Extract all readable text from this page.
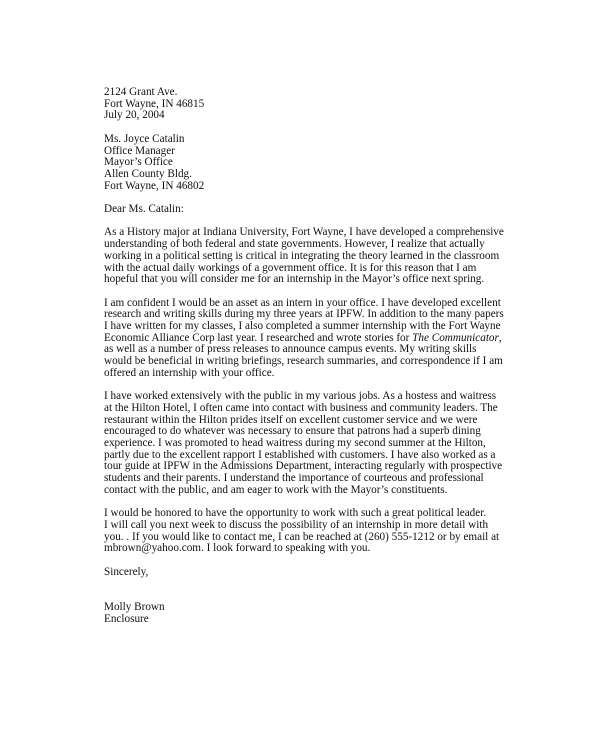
2124 Grant Ave.
Fort Wayne, IN 46815
July 20, 2004
Ms. Joyce Catalin
Office Manager
Mayor’s Office
Allen County Bldg.
Fort Wayne, IN 46802
Dear Ms. Catalin:
As a History major at Indiana University, Fort Wayne, I have developed a comprehensive
understanding of both federal and state governments. However, I realize that actually
working in a political setting is critical in integrating the theory learned in the classroom
with the actual daily workings of a government office. It is for this reason that I am
hopeful that you will consider me for an internship in the Mayor’s office next spring.
I am confident I would be an asset as an intern in your office. I have developed excellent
research and writing skills during my three years at IPFW. In addition to the many papers
I have written for my classes, I also completed a summer internship with the Fort Wayne
Economic Alliance Corp last year. I researched and wrote stories for The Communicator,
as well as a number of press releases to announce campus events. My writing skills
would be beneficial in writing briefings, research summaries, and correspondence if I am
offered an internship with your office.
I have worked extensively with the public in my various jobs. As a hostess and waitress
at the Hilton Hotel, I often came into contact with business and community leaders. The
restaurant within the Hilton prides itself on excellent customer service and we were
encouraged to do whatever was necessary to ensure that patrons had a superb dining
experience. I was promoted to head waitress during my second summer at the Hilton,
partly due to the excellent rapport I established with customers. I have also worked as a
tour guide at IPFW in the Admissions Department, interacting regularly with prospective
students and their parents. I understand the importance of courteous and professional
contact with the public, and am eager to work with the Mayor’s constituents.
I would be honored to have the opportunity to work with such a great political leader.
I will call you next week to discuss the possibility of an internship in more detail with
you. . If you would like to contact me, I can be reached at (260) 555-1212 or by email at
mbrown@yahoo.com. I look forward to speaking with you.
Sincerely,
Molly Brown
Enclosure
